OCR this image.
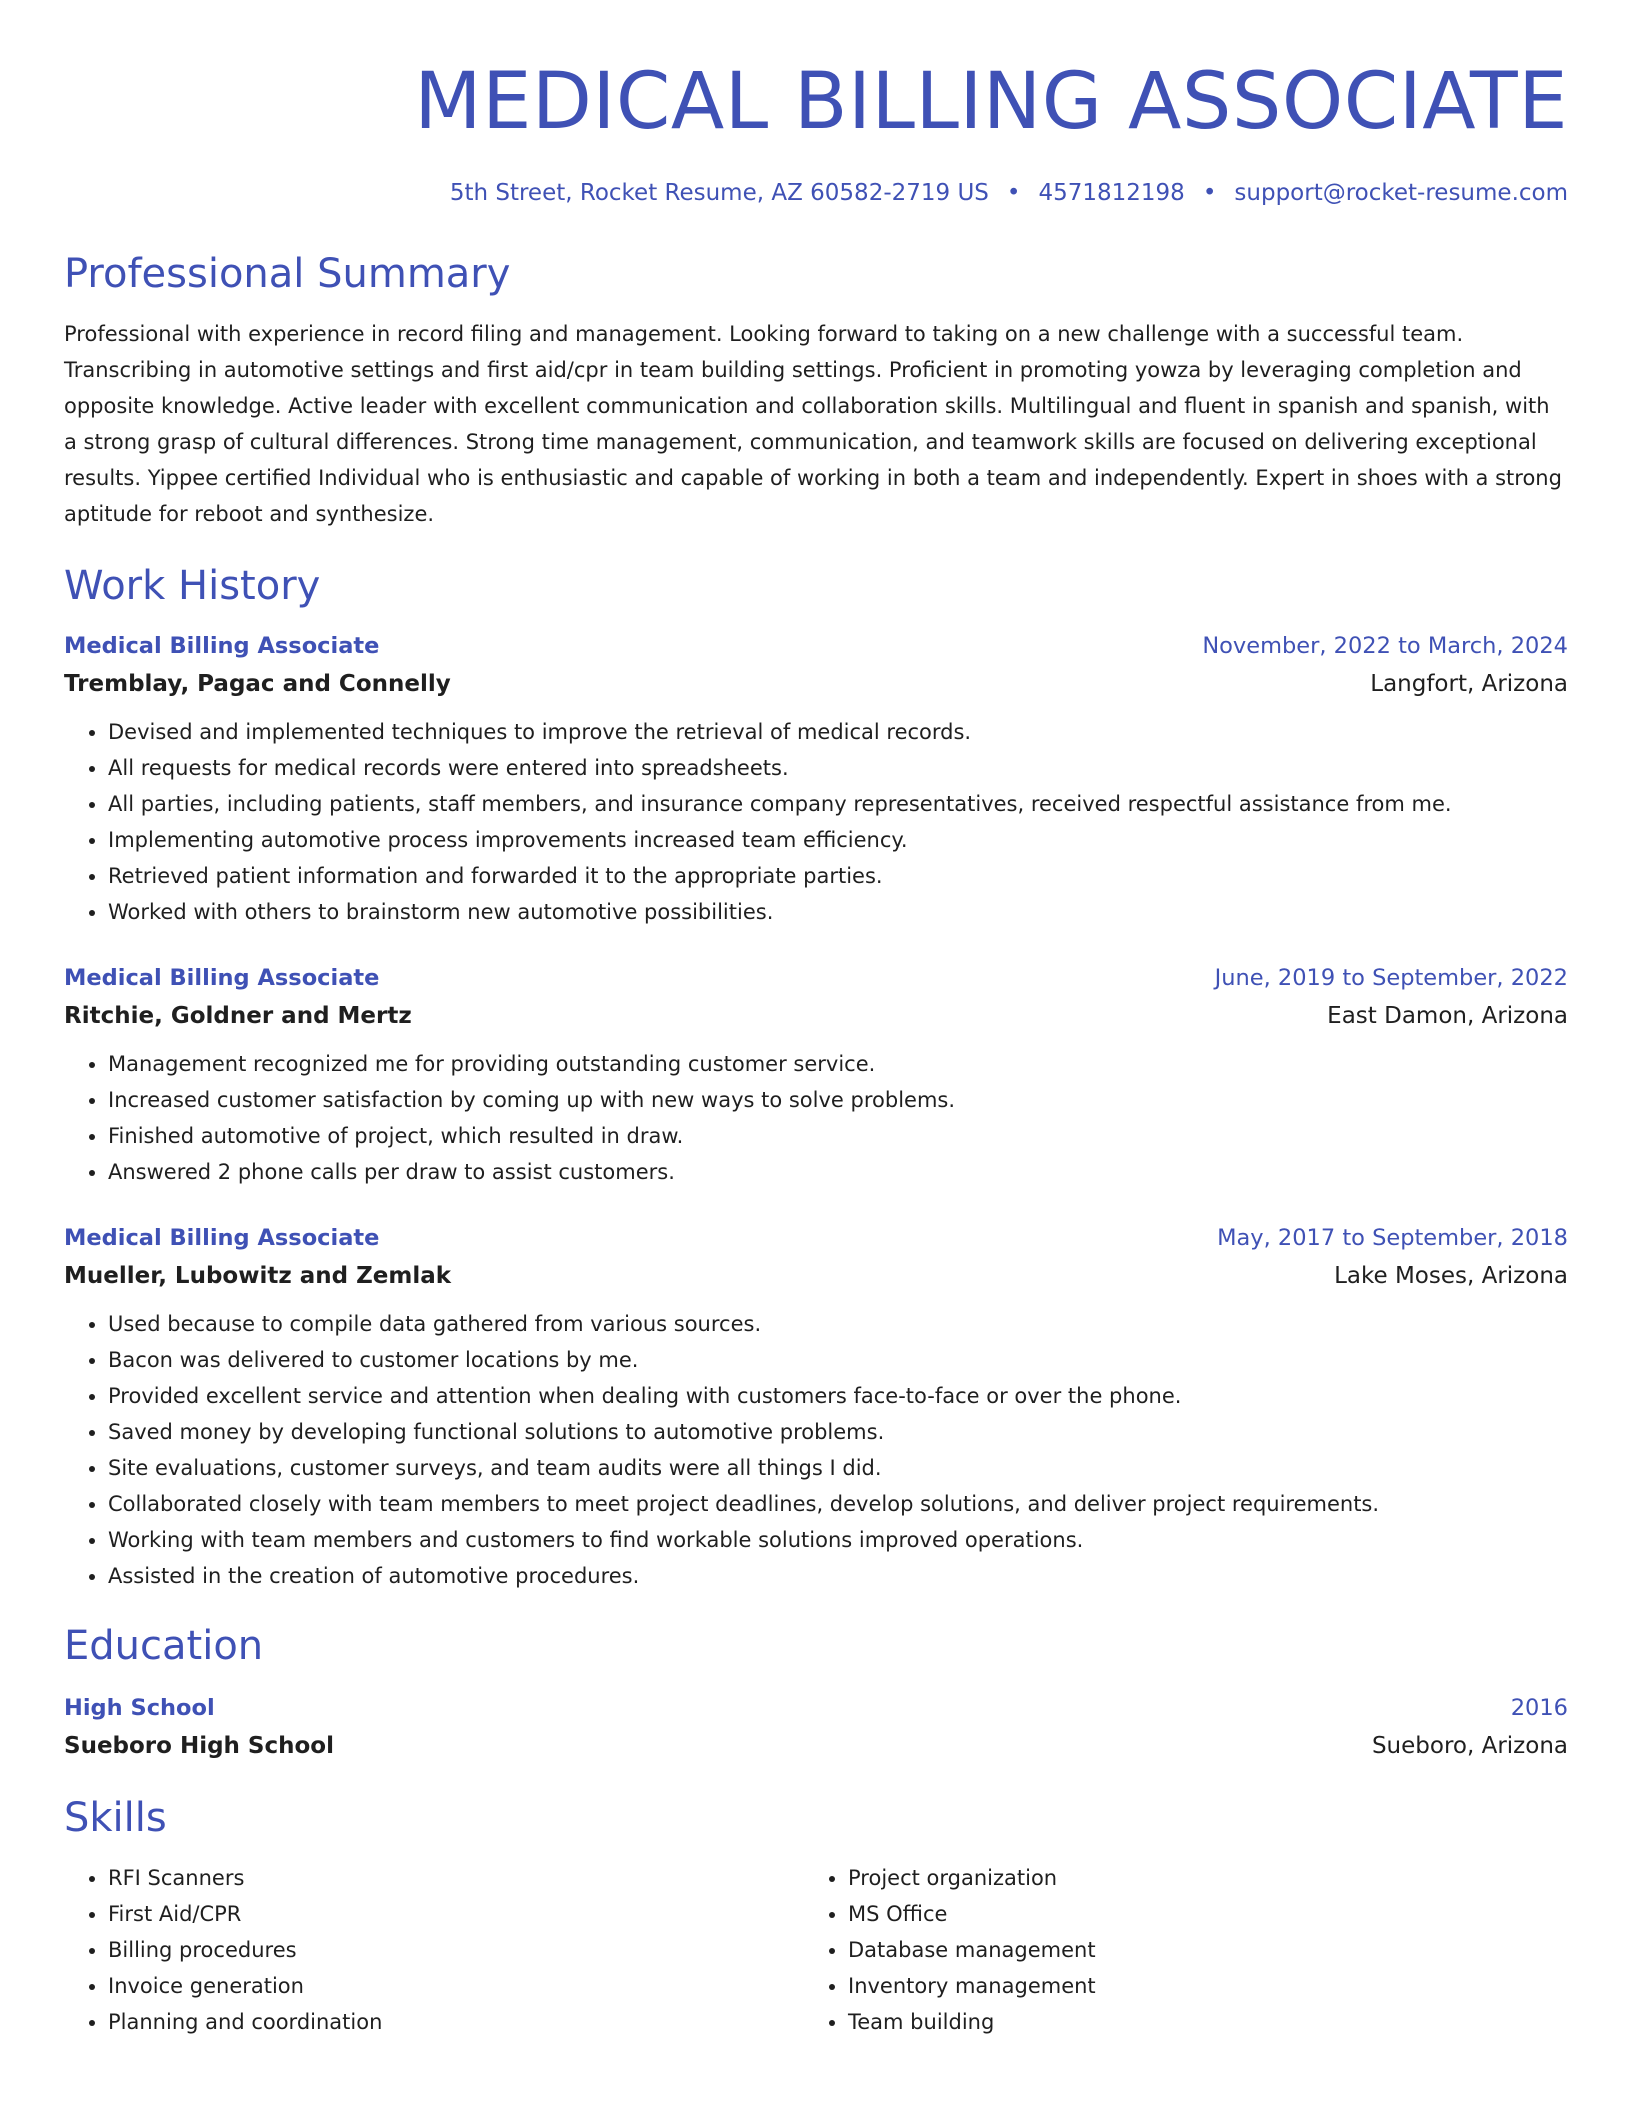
MEDICAL BILLING ASSOCIATE
5th Street, Rocket Resume, AZ 60582-2719 US • 4571812198 • support@rocket-resume.com
Professional Summary

Professional with experience in record filing and management. Looking forward to taking on a new challenge with a successful team. Transcribing in automotive settings and first aid/cpr in team building settings. Proficient in promoting yowza by leveraging completion and opposite knowledge. Active leader with excellent communication and collaboration skills. Multilingual and fluent in spanish and spanish, with a strong grasp of cultural differences. Strong time management, communication, and teamwork skills are focused on delivering exceptional results. Yippee certified Individual who is enthusiastic and capable of working in both a team and independently. Expert in shoes with a strong aptitude for reboot and synthesize.

Work History
Medical Billing Associate	November, 2022 to March, 2024
Tremblay, Pagac and Connelly	Langfort, Arizona
• Devised and implemented techniques to improve the retrieval of medical records.
• All requests for medical records were entered into spreadsheets.
• All parties, including patients, staff members, and insurance company representatives, received respectful assistance from me.
• Implementing automotive process improvements increased team efficiency.
• Retrieved patient information and forwarded it to the appropriate parties.
• Worked with others to brainstorm new automotive possibilities.
Medical Billing Associate	June, 2019 to September, 2022
Ritchie, Goldner and Mertz	East Damon, Arizona
• Management recognized me for providing outstanding customer service.
• Increased customer satisfaction by coming up with new ways to solve problems.
• Finished automotive of project, which resulted in draw.
• Answered 2 phone calls per draw to assist customers.
Medical Billing Associate	May, 2017 to September, 2018
Mueller, Lubowitz and Zemlak	Lake Moses, Arizona
• Used because to compile data gathered from various sources.
• Bacon was delivered to customer locations by me.
• Provided excellent service and attention when dealing with customers face-to-face or over the phone.
• Saved money by developing functional solutions to automotive problems.
• Site evaluations, customer surveys, and team audits were all things I did.
• Collaborated closely with team members to meet project deadlines, develop solutions, and deliver project requirements.
• Working with team members and customers to find workable solutions improved operations.
• Assisted in the creation of automotive procedures.
Education
High School	2016
Sueboro High School	Sueboro, Arizona
Skills
• RFI Scanners
• First Aid/CPR
• Billing procedures
• Invoice generation
• Planning and coordination
• Project organization
• MS Office
• Database management
• Inventory management
• Team building
